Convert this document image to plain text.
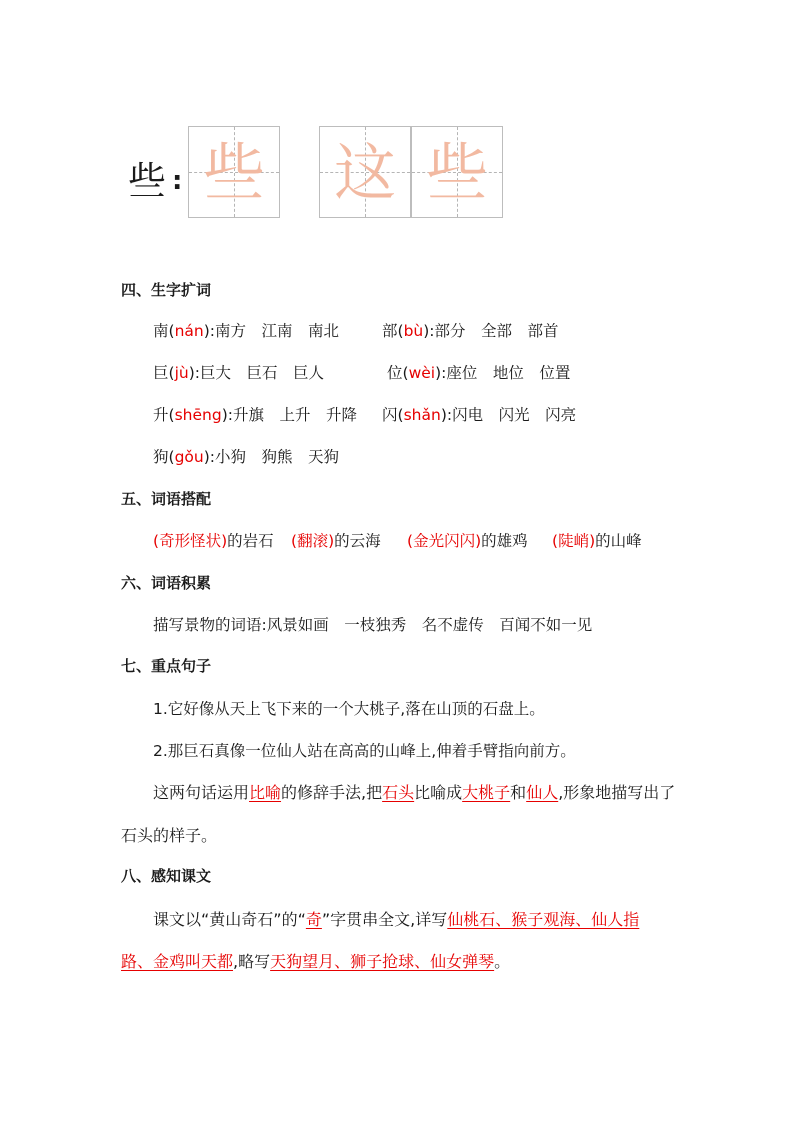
些 : 些 这 些
四、生字扩词
南(nán):南方　江南　南北	部(bù):部分　全部　部首
巨(jù):巨大　巨石　巨人	位(wèi):座位　地位　位置
升(shēng):升旗　上升　升降 闪(shǎn):闪电　闪光　闪亮
狗(gǒu):小狗　狗熊　天狗
五、词语搭配
(奇形怪状)的岩石 (翻滚)的云海 (金光闪闪)的雄鸡 (陡峭)的山峰
六、词语积累
描写景物的词语:风景如画　一枝独秀　名不虚传　百闻不如一见
七、重点句子
1.它好像从天上飞下来的一个大桃子,落在山顶的石盘上。
2.那巨石真像一位仙人站在高高的山峰上,伸着手臂指向前方。
这两句话运用比喻的修辞手法,把石头比喻成大桃子和仙人,形象地描写出了
石头的样子。
八、感知课文
课文以“黄山奇石”的“奇”字贯串全文,详写仙桃石、猴子观海、仙人指
路、金鸡叫天都,略写天狗望月、狮子抢球、仙女弹琴。
